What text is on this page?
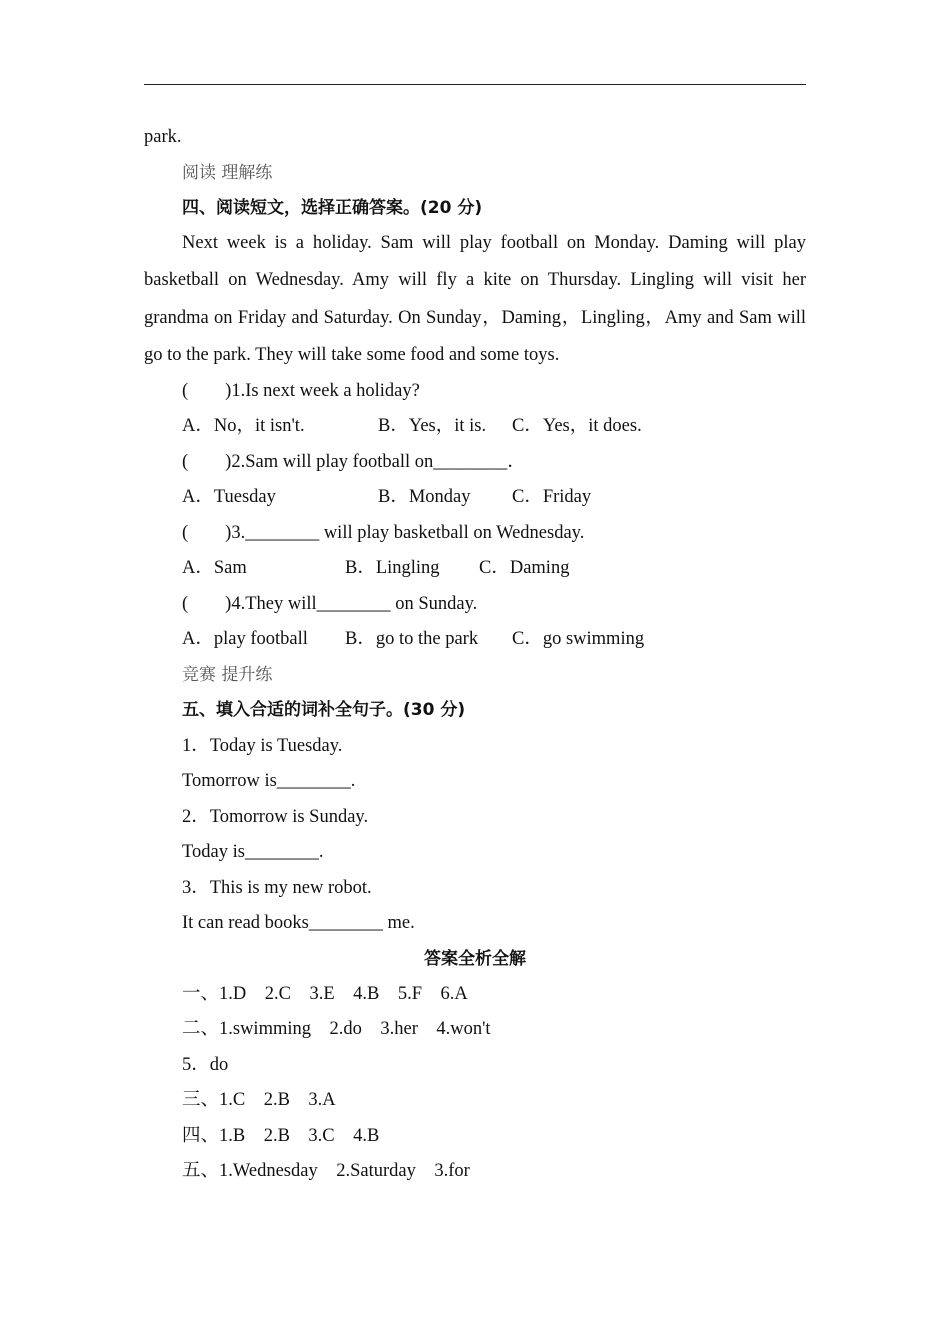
park.
阅读 理解练
四、阅读短文，选择正确答案。(20 分)
Next week is a holiday. Sam will play football on Monday. Daming will play
basketball on Wednesday. Amy will fly a kite on Thursday. Lingling will visit her
grandma on Friday and Saturday. On Sunday，Daming，Lingling，Amy and Sam will
go to the park. They will take some food and some toys.
(        )1.Is next week a holiday?
A．No，it isn't.	B．Yes，it is. C．Yes，it does.
(        )2.Sam will play football on________．
A．Tuesday	B．Monday C．Friday
(        )3.________ will play basketball on Wednesday.
A．Sam	B．Lingling C．Daming
(        )4.They will________ on Sunday.
A．play football B．go to the park C．go swimming
竞赛 提升练
五、填入合适的词补全句子。(30 分)
1．Today is Tuesday.
Tomorrow is________.
2．Tomorrow is Sunday.
Today is________.
3．This is my new robot.
It can read books________ me.
答案全析全解
一、1.D    2.C    3.E    4.B    5.F    6.A
二、1.swimming    2.do    3.her    4.won't
5．do
三、1.C    2.B    3.A
四、1.B    2.B    3.C    4.B
五、1.Wednesday    2.Saturday    3.for
